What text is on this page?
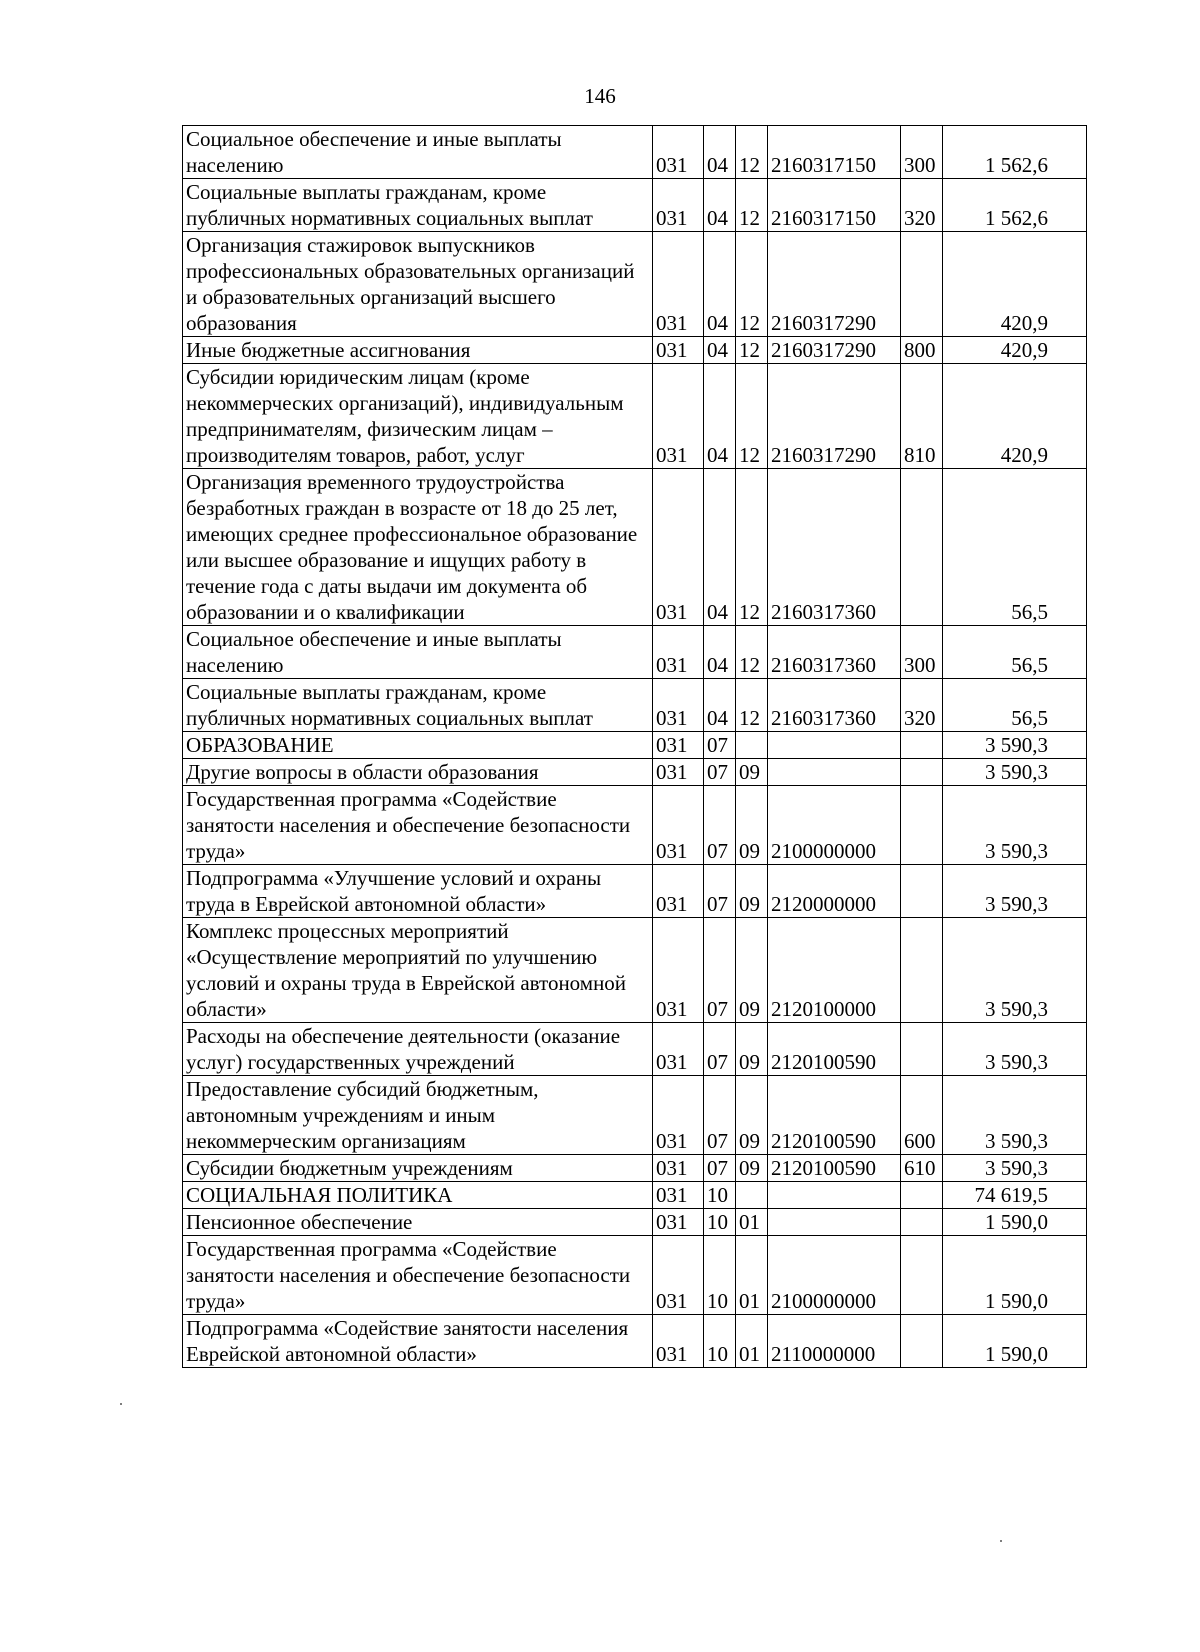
146
Социальное обеспечение и иные выплаты населению	031	04	12	2160317150	300	1 562,6
Социальные выплаты гражданам, кроме публичных нормативных социальных выплат	031	04	12	2160317150	320	1 562,6
Организация стажировок выпускников профессиональных образовательных организаций и образовательных организаций высшего образования	031	04	12	2160317290		420,9
Иные бюджетные ассигнования	031	04	12	2160317290	800	420,9
Субсидии юридическим лицам (кроме некоммерческих организаций), индивидуальным предпринимателям, физическим лицам – производителям товаров, работ, услуг	031	04	12	2160317290	810	420,9
Организация временного трудоустройства безработных граждан в возрасте от 18 до 25 лет, имеющих среднее профессиональное образование или высшее образование и ищущих работу в течение года с даты выдачи им документа об образовании и о квалификации	031	04	12	2160317360		56,5
Социальное обеспечение и иные выплаты населению	031	04	12	2160317360	300	56,5
Социальные выплаты гражданам, кроме публичных нормативных социальных выплат	031	04	12	2160317360	320	56,5
ОБРАЗОВАНИЕ	031	07				3 590,3
Другие вопросы в области образования	031	07	09			3 590,3
Государственная программа «Содействие занятости населения и обеспечение безопасности труда»	031	07	09	2100000000		3 590,3
Подпрограмма «Улучшение условий и охраны труда в Еврейской автономной области»	031	07	09	2120000000		3 590,3
Комплекс процессных мероприятий «Осуществление мероприятий по улучшению условий и охраны труда в Еврейской автономной области»	031	07	09	2120100000		3 590,3
Расходы на обеспечение деятельности (оказание услуг) государственных учреждений	031	07	09	2120100590		3 590,3
Предоставление субсидий бюджетным, автономным учреждениям и иным некоммерческим организациям	031	07	09	2120100590	600	3 590,3
Субсидии бюджетным учреждениям	031	07	09	2120100590	610	3 590,3
СОЦИАЛЬНАЯ ПОЛИТИКА	031	10				74 619,5
Пенсионное обеспечение	031	10	01			1 590,0
Государственная программа «Содействие занятости населения и обеспечение безопасности труда»	031	10	01	2100000000		1 590,0
Подпрограмма «Содействие занятости населения Еврейской автономной области»	031	10	01	2110000000		1 590,0
